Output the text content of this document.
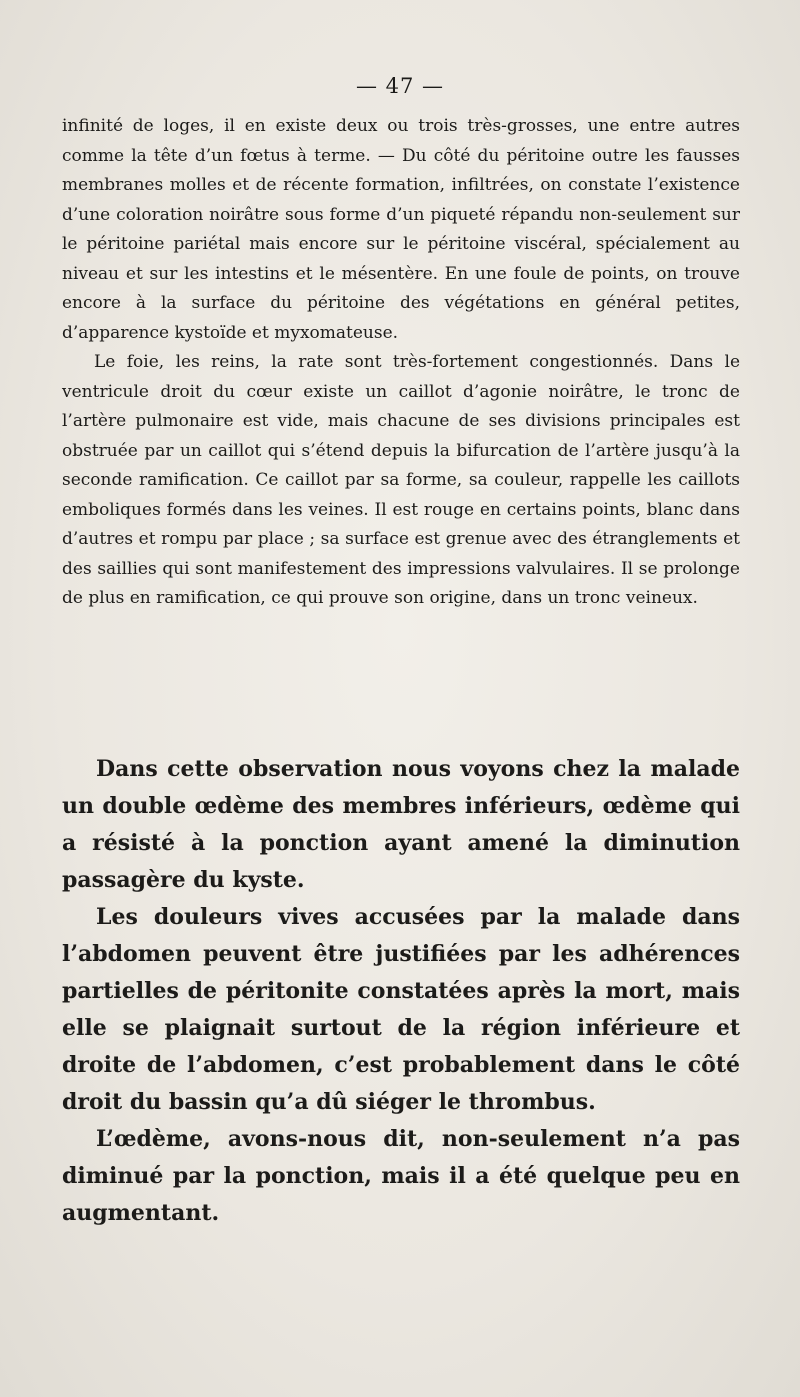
— 47 —

infinité de loges, il en existe deux ou trois très-grosses, une entre autres comme la tête d’un fœtus à terme. — Du côté du péritoine outre les fausses membranes molles et de récente formation, infiltrées, on constate l’existence d’une coloration noirâtre sous forme d’un piqueté répandu non-seulement sur le péritoine pariétal mais encore sur le péritoine viscéral, spécialement au niveau et sur les intestins et le mésentère. En une foule de points, on trouve encore à la surface du péritoine des végétations en général petites, d’apparence kystoïde et myxomateuse.

Le foie, les reins, la rate sont très-fortement congestionnés. Dans le ventricule droit du cœur existe un caillot d’agonie noirâtre, le tronc de l’artère pulmonaire est vide, mais chacune de ses divisions principales est obstruée par un caillot qui s’étend depuis la bifurcation de l’artère jusqu’à la seconde ramification. Ce caillot par sa forme, sa couleur, rappelle les caillots emboliques formés dans les veines. Il est rouge en certains points, blanc dans d’autres et rompu par place ; sa surface est grenue avec des étranglements et des saillies qui sont manifestement des impressions valvulaires. Il se prolonge de plus en ramification, ce qui prouve son origine, dans un tronc veineux.

Dans cette observation nous voyons chez la malade un double œdème des membres inférieurs, œdème qui a résisté à la ponction ayant amené la diminution passagère du kyste.

Les douleurs vives accusées par la malade dans l’abdomen peuvent être justifiées par les adhérences partielles de péritonite constatées après la mort, mais elle se plaignait surtout de la région inférieure et droite de l’abdomen, c’est probablement dans le côté droit du bassin qu’a dû siéger le thrombus.

L’œdème, avons-nous dit, non-seulement n’a pas diminué par la ponction, mais il a été quelque peu en augmentant.
